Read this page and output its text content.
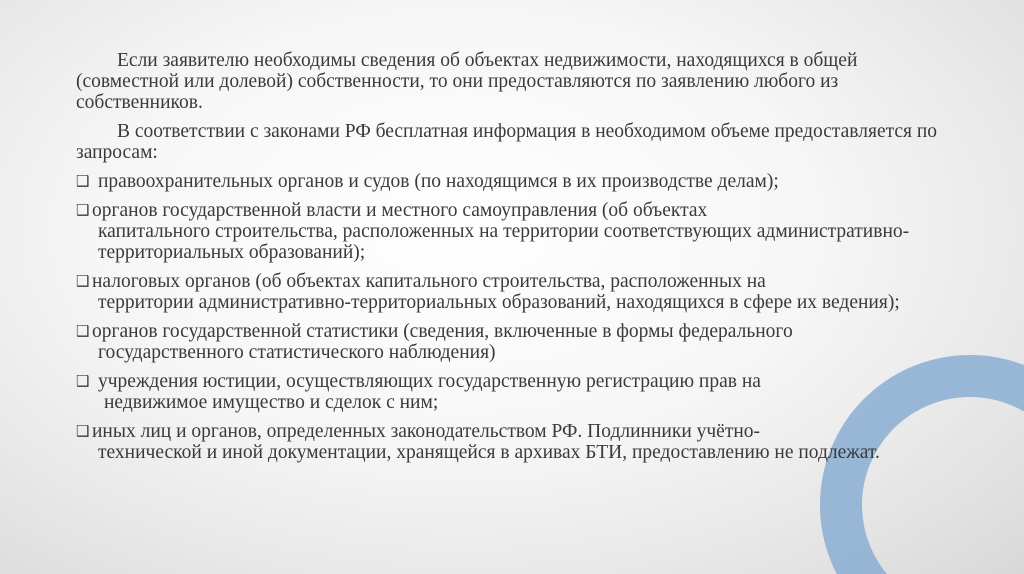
Если заявителю необходимы сведения об объектах недвижимости, находящихся в общей (совместной или долевой) собственности, то они предоставляются по заявлению любого из собственников.

В соответствии с законами РФ бесплатная информация в необходимом объеме предоставляется по запросам:

❑ правоохранительных органов и судов (по находящимся в их производстве делам);
❑ органов государственной власти и местного самоуправления (об объектах
капитального строительства, расположенных на территории соответствующих административно-территориальных образований);
❑ налоговых органов (об объектах капитального строительства, расположенных на
территории административно-территориальных образований, находящихся в сфере их ведения);
❑ органов государственной статистики (сведения, включенные в формы федерального
государственного статистического наблюдения)
❑ учреждения юстиции, осуществляющих государственную регистрацию прав на
недвижимое имущество и сделок с ним;
❑ иных лиц и органов, определенных законодательством РФ. Подлинники учётно-
технической и иной документации, хранящейся в архивах БТИ, предоставлению не подлежат.
